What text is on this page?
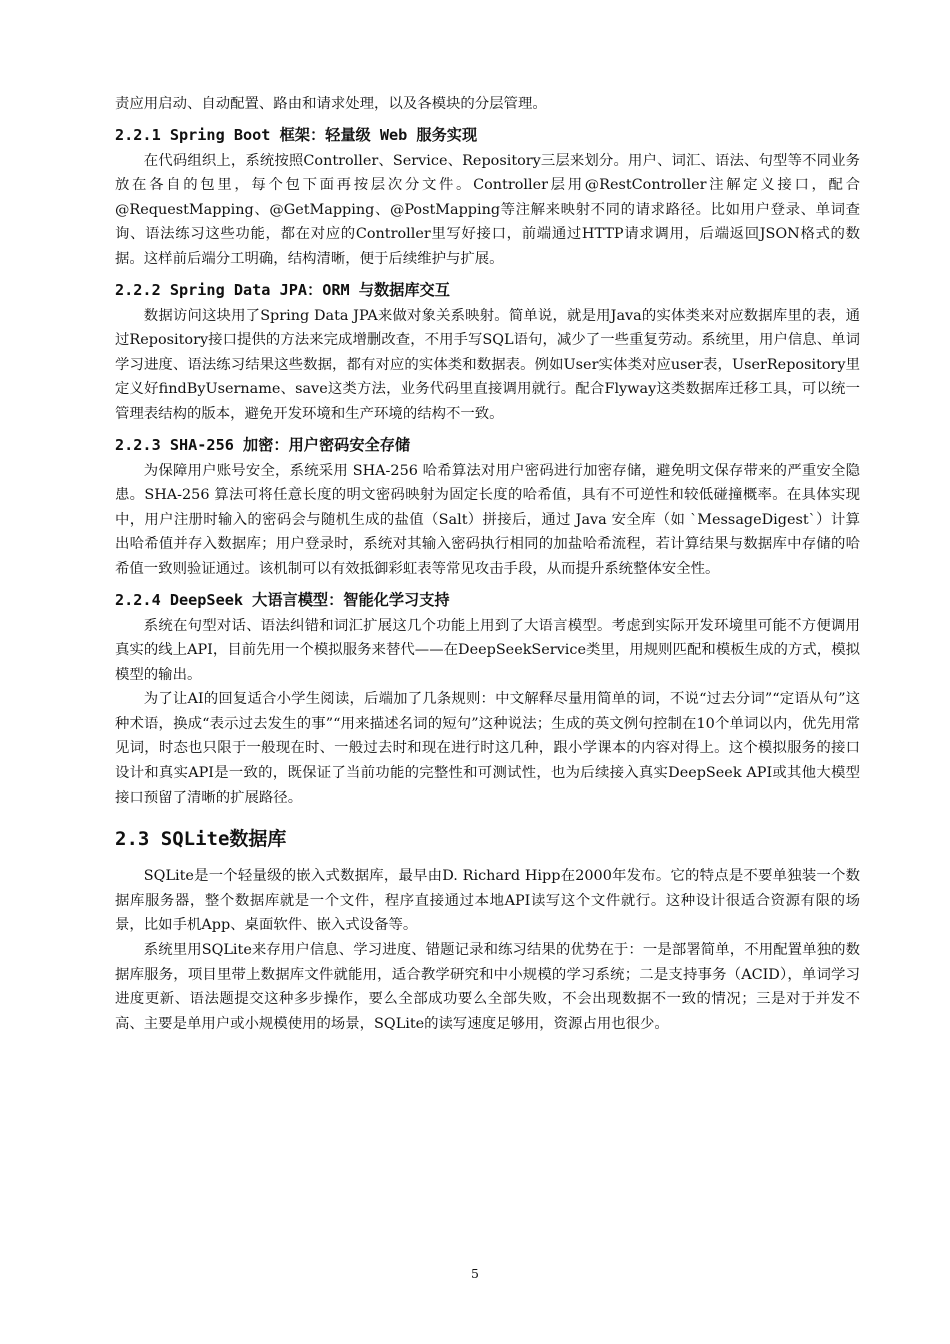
责应用启动、自动配置、路由和请求处理，以及各模块的分层管理。

2.2.1 Spring Boot 框架：轻量级 Web 服务实现

在代码组织上，系统按照Controller、Service、Repository三层来划分。用户、词汇、语法、句型等不同业务放在各自的包里，每个包下面再按层次分文件。Controller层用@RestController注解定义接口，配合@RequestMapping、@GetMapping、@PostMapping等注解来映射不同的请求路径。比如用户登录、单词查询、语法练习这些功能，都在对应的Controller里写好接口，前端通过HTTP请求调用，后端返回JSON格式的数据。这样前后端分工明确，结构清晰，便于后续维护与扩展。

2.2.2 Spring Data JPA：ORM 与数据库交互

数据访问这块用了Spring Data JPA来做对象关系映射。简单说，就是用Java的实体类来对应数据库里的表，通过Repository接口提供的方法来完成增删改查，不用手写SQL语句，减少了一些重复劳动。系统里，用户信息、单词学习进度、语法练习结果这些数据，都有对应的实体类和数据表。例如User实体类对应user表，UserRepository里定义好findByUsername、save这类方法，业务代码里直接调用就行。配合Flyway这类数据库迁移工具，可以统一管理表结构的版本，避免开发环境和生产环境的结构不一致。

2.2.3 SHA-256 加密：用户密码安全存储

为保障用户账号安全，系统采用 SHA-256 哈希算法对用户密码进行加密存储，避免明文保存带来的严重安全隐患。SHA-256 算法可将任意长度的明文密码映射为固定长度的哈希值，具有不可逆性和较低碰撞概率。在具体实现中，用户注册时输入的密码会与随机生成的盐值（Salt）拼接后，通过 Java 安全库（如 `MessageDigest`）计算出哈希值并存入数据库；用户登录时，系统对其输入密码执行相同的加盐哈希流程，若计算结果与数据库中存储的哈希值一致则验证通过。该机制可以有效抵御彩虹表等常见攻击手段，从而提升系统整体安全性。

2.2.4 DeepSeek 大语言模型：智能化学习支持

系统在句型对话、语法纠错和词汇扩展这几个功能上用到了大语言模型。考虑到实际开发环境里可能不方便调用真实的线上API，目前先用一个模拟服务来替代——在DeepSeekService类里，用规则匹配和模板生成的方式，模拟模型的输出。

为了让AI的回复适合小学生阅读，后端加了几条规则：中文解释尽量用简单的词，不说“过去分词”“定语从句”这种术语，换成“表示过去发生的事”“用来描述名词的短句”这种说法；生成的英文例句控制在10个单词以内，优先用常见词，时态也只限于一般现在时、一般过去时和现在进行时这几种，跟小学课本的内容对得上。这个模拟服务的接口设计和真实API是一致的，既保证了当前功能的完整性和可测试性，也为后续接入真实DeepSeek API或其他大模型接口预留了清晰的扩展路径。

2.3 SQLite数据库

SQLite是一个轻量级的嵌入式数据库，最早由D. Richard Hipp在2000年发布。它的特点是不要单独装一个数据库服务器，整个数据库就是一个文件，程序直接通过本地API读写这个文件就行。这种设计很适合资源有限的场景，比如手机App、桌面软件、嵌入式设备等。

系统里用SQLite来存用户信息、学习进度、错题记录和练习结果的优势在于：一是部署简单，不用配置单独的数据库服务，项目里带上数据库文件就能用，适合教学研究和中小规模的学习系统；二是支持事务（ACID），单词学习进度更新、语法题提交这种多步操作，要么全部成功要么全部失败，不会出现数据不一致的情况；三是对于并发不高、主要是单用户或小规模使用的场景，SQLite的读写速度足够用，资源占用也很少。

5
